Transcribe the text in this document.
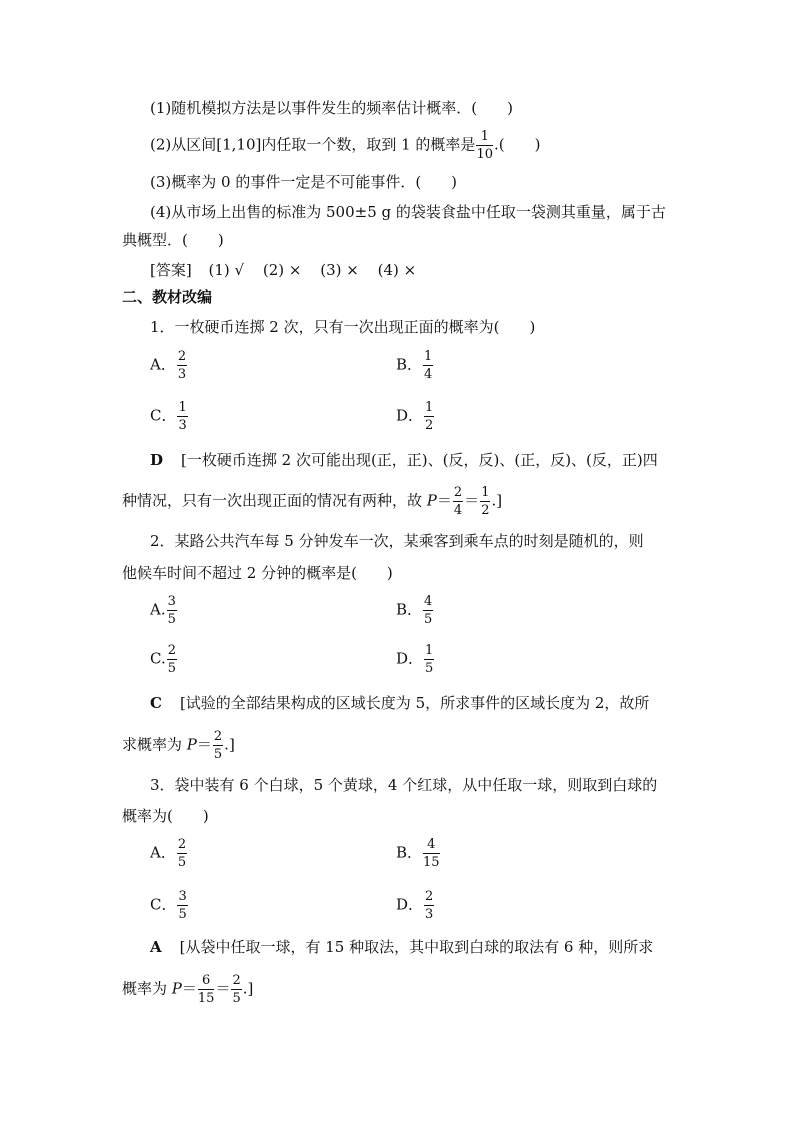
(1)随机模拟方法是以事件发生的频率估计概率．(　　)
(2)从区间[1,10]内任取一个数，取到 1 的概率是 $\frac{1}{10}$ .(　　)
(3)概率为 0 的事件一定是不可能事件．(　　)
(4)从市场上出售的标准为 500±5 g 的袋装食盐中任取一袋测其重量，属于古
典概型．(　　)
[答案] (1) √ (2) × (3) × (4) ×
二、教材改编
1．一枚硬币连掷 2 次，只有一次出现正面的概率为(　　)
A． $\frac{2}{3}$	B． $\frac{1}{4}$
C． $\frac{1}{3}$	D． $\frac{1}{2}$
D [一枚硬币连掷 2 次可能出现(正，正)、(反，反)、(正，反)、(反，正)四
种情况，只有一次出现正面的情况有两种，故 $P= \frac{2}{4} = \frac{1}{2}$ .]
2．某路公共汽车每 5 分钟发车一次，某乘客到乘车点的时刻是随机的，则
他候车时间不超过 2 分钟的概率是(　　)
A. $\frac{3}{5}$	B． $\frac{4}{5}$
C. $\frac{2}{5}$	D． $\frac{1}{5}$
C [试验的全部结果构成的区域长度为 5，所求事件的区域长度为 2，故所
求概率为 $P= \frac{2}{5}$ .]
3．袋中装有 6 个白球，5 个黄球，4 个红球，从中任取一球，则取到白球的
概率为(　　)
A． $\frac{2}{5}$	B． $\frac{4}{15}$
C． $\frac{3}{5}$	D． $\frac{2}{3}$
A [从袋中任取一球，有 15 种取法，其中取到白球的取法有 6 种，则所求
概率为 $P= \frac{6}{15} = \frac{2}{5}$ .]
